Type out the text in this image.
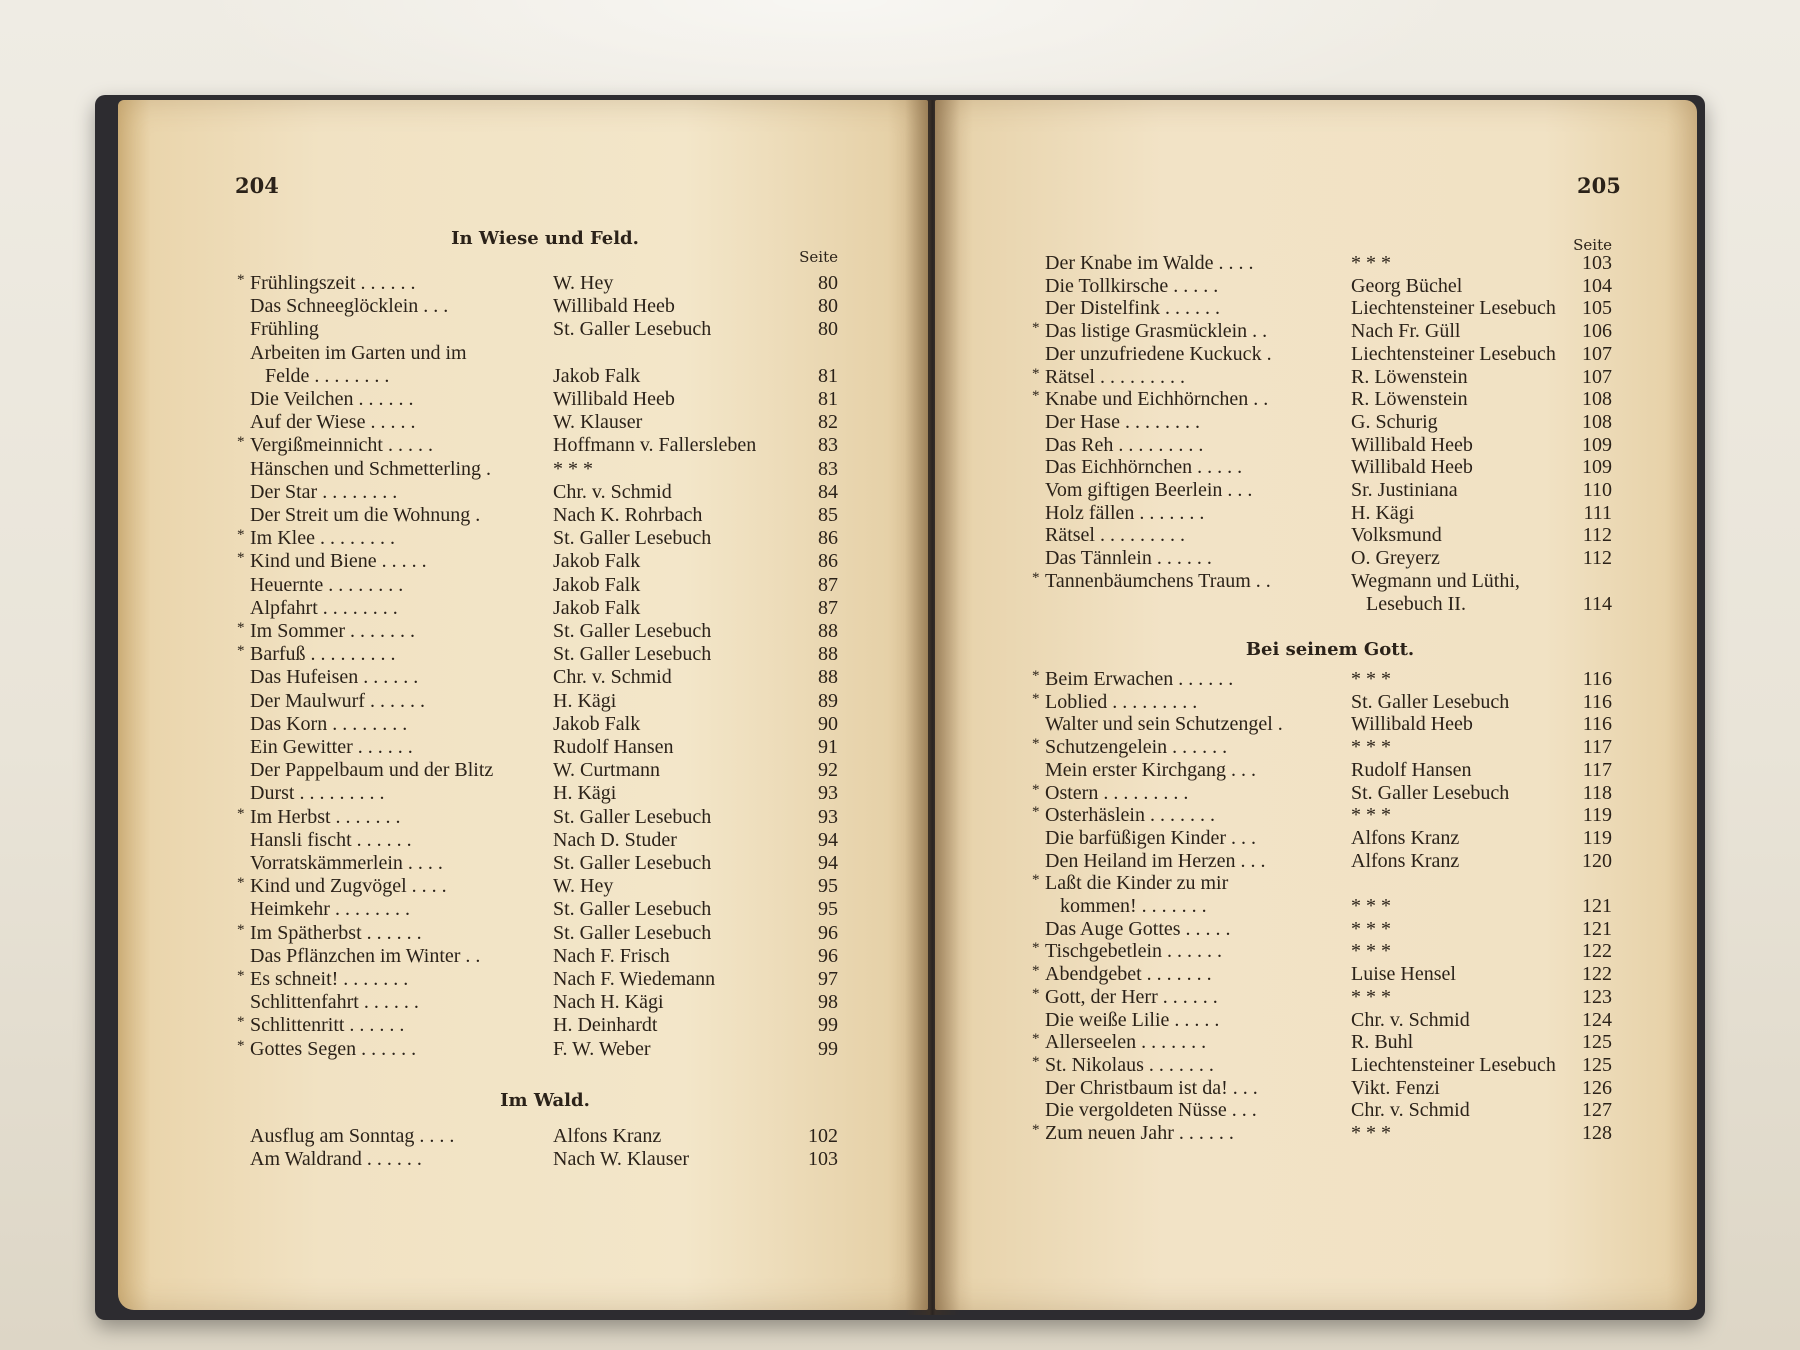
204	205
In Wiese und Feld.
Seite
* Frühlingszeit . . . . . .	W. Hey	80
Das Schneeglöcklein . . .	Willibald Heeb	80
Frühling	St. Galler Lesebuch	80
Arbeiten im Garten und im
Felde . . . . . . . .	Jakob Falk	81
Die Veilchen . . . . . .	Willibald Heeb	81
Auf der Wiese . . . . .	W. Klauser	82
* Vergißmeinnicht . . . . .	Hoffmann v. Fallersleben	83
Hänschen und Schmetterling .	* * *	83
Der Star . . . . . . . .	Chr. v. Schmid	84
Der Streit um die Wohnung .	Nach K. Rohrbach	85
* Im Klee . . . . . . . .	St. Galler Lesebuch	86
* Kind und Biene . . . . .	Jakob Falk	86
Heuernte . . . . . . . .	Jakob Falk	87
Alpfahrt . . . . . . . .	Jakob Falk	87
* Im Sommer . . . . . . .	St. Galler Lesebuch	88
* Barfuß . . . . . . . . .	St. Galler Lesebuch	88
Das Hufeisen . . . . . .	Chr. v. Schmid	88
Der Maulwurf . . . . . .	H. Kägi	89
Das Korn . . . . . . . .	Jakob Falk	90
Ein Gewitter . . . . . .	Rudolf Hansen	91
Der Pappelbaum und der Blitz	W. Curtmann	92
Durst . . . . . . . . .	H. Kägi	93
* Im Herbst . . . . . . .	St. Galler Lesebuch	93
Hansli fischt . . . . . .	Nach D. Studer	94
Vorratskämmerlein . . . .	St. Galler Lesebuch	94
* Kind und Zugvögel . . . .	W. Hey	95
Heimkehr . . . . . . . .	St. Galler Lesebuch	95
* Im Spätherbst . . . . . .	St. Galler Lesebuch	96
Das Pflänzchen im Winter . .	Nach F. Frisch	96
* Es schneit! . . . . . . .	Nach F. Wiedemann	97
Schlittenfahrt . . . . . .	Nach H. Kägi	98
* Schlittenritt . . . . . .	H. Deinhardt	99
* Gottes Segen . . . . . .	F. W. Weber	99
Im Wald.
Ausflug am Sonntag . . . .	Alfons Kranz	102
Am Waldrand . . . . . .	Nach W. Klauser	103
Seite
Der Knabe im Walde . . . .	* * *	103
Die Tollkirsche . . . . .	Georg Büchel	104
Der Distelfink . . . . . .	Liechtensteiner Lesebuch	105
* Das listige Grasmücklein . .	Nach Fr. Güll	106
Der unzufriedene Kuckuck .	Liechtensteiner Lesebuch	107
* Rätsel . . . . . . . . .	R. Löwenstein	107
* Knabe und Eichhörnchen . .	R. Löwenstein	108
Der Hase . . . . . . . .	G. Schurig	108
Das Reh . . . . . . . . .	Willibald Heeb	109
Das Eichhörnchen . . . . .	Willibald Heeb	109
Vom giftigen Beerlein . . .	Sr. Justiniana	110
Holz fällen . . . . . . .	H. Kägi	111
Rätsel . . . . . . . . .	Volksmund	112
Das Tännlein . . . . . .	O. Greyerz	112
* Tannenbäumchens Traum . .	Wegmann und Lüthi,
Lesebuch II.	114
Bei seinem Gott.
* Beim Erwachen . . . . . .	* * *	116
* Loblied . . . . . . . . .	St. Galler Lesebuch	116
Walter und sein Schutzengel .	Willibald Heeb	116
* Schutzengelein . . . . . .	* * *	117
Mein erster Kirchgang . . .	Rudolf Hansen	117
* Ostern . . . . . . . . .	St. Galler Lesebuch	118
* Osterhäslein . . . . . . .	* * *	119
Die barfüßigen Kinder . . .	Alfons Kranz	119
Den Heiland im Herzen . . .	Alfons Kranz	120
* Laßt die Kinder zu mir
kommen! . . . . . . .	* * *	121
Das Auge Gottes . . . . .	* * *	121
* Tischgebetlein . . . . . .	* * *	122
* Abendgebet . . . . . . .	Luise Hensel	122
* Gott, der Herr . . . . . .	* * *	123
Die weiße Lilie . . . . .	Chr. v. Schmid	124
* Allerseelen . . . . . . .	R. Buhl	125
* St. Nikolaus . . . . . . .	Liechtensteiner Lesebuch	125
Der Christbaum ist da! . . .	Vikt. Fenzi	126
Die vergoldeten Nüsse . . .	Chr. v. Schmid	127
* Zum neuen Jahr . . . . . .	* * *	128
